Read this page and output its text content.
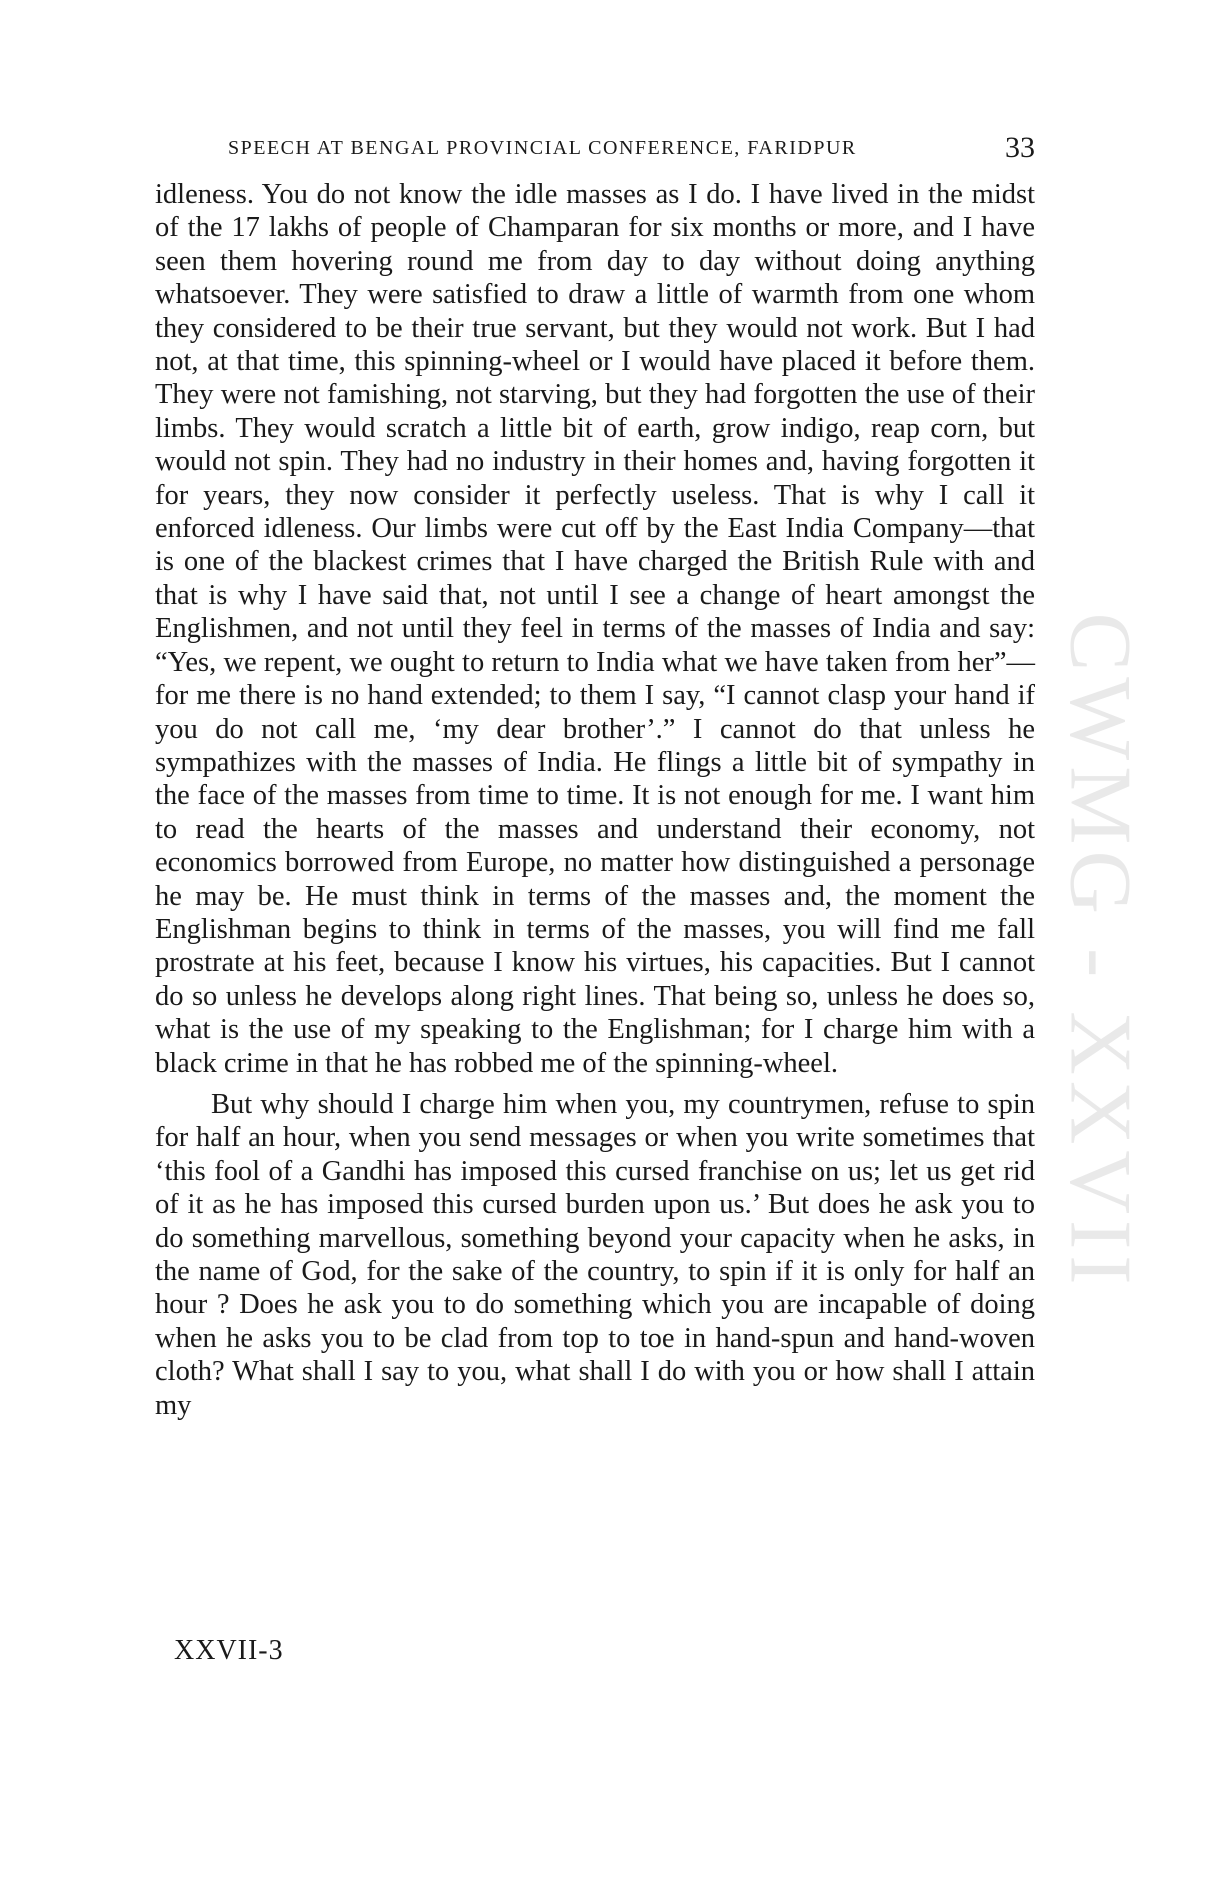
SPEECH AT BENGAL PROVINCIAL CONFERENCE, FARIDPUR	33
CWMG - XXVII

idleness. You do not know the idle masses as I do. I have lived in the midst of the 17 lakhs of people of Champaran for six months or more, and I have seen them hovering round me from day to day without doing anything whatsoever. They were satisfied to draw a little of warmth from one whom they considered to be their true servant, but they would not work. But I had not, at that time, this spinning-wheel or I would have placed it before them. They were not famishing, not starving, but they had forgotten the use of their limbs. They would scratch a little bit of earth, grow indigo, reap corn, but would not spin. They had no industry in their homes and, having forgotten it for years, they now consider it perfectly useless. That is why I call it enforced idleness. Our limbs were cut off by the East India Company—that is one of the blackest crimes that I have charged the British Rule with and that is why I have said that, not until I see a change of heart amongst the Englishmen, and not until they feel in terms of the masses of India and say: “Yes, we repent, we ought to return to India what we have taken from her”—for me there is no hand extended; to them I say, “I cannot clasp your hand if you do not call me, ‘my dear brother’.” I cannot do that unless he sympathizes with the masses of India. He flings a little bit of sympathy in the face of the masses from time to time. It is not enough for me. I want him to read the hearts of the masses and understand their economy, not economics borrowed from Europe, no matter how distinguished a personage he may be. He must think in terms of the masses and, the moment the Englishman begins to think in terms of the masses, you will find me fall prostrate at his feet, because I know his virtues, his capacities. But I cannot do so unless he develops along right lines. That being so, unless he does so, what is the use of my speaking to the Englishman; for I charge him with a black crime in that he has robbed me of the spinning-wheel.

But why should I charge him when you, my countrymen, refuse to spin for half an hour, when you send messages or when you write sometimes that ‘this fool of a Gandhi has imposed this cursed franchise on us; let us get rid of it as he has imposed this cursed burden upon us.’ But does he ask you to do something marvellous, something beyond your capacity when he asks, in the name of God, for the sake of the country, to spin if it is only for half an hour ? Does he ask you to do something which you are incapable of doing when he asks you to be clad from top to toe in hand-spun and hand-woven cloth? What shall I say to you, what shall I do with you or how shall I attain my

XXVII-3
